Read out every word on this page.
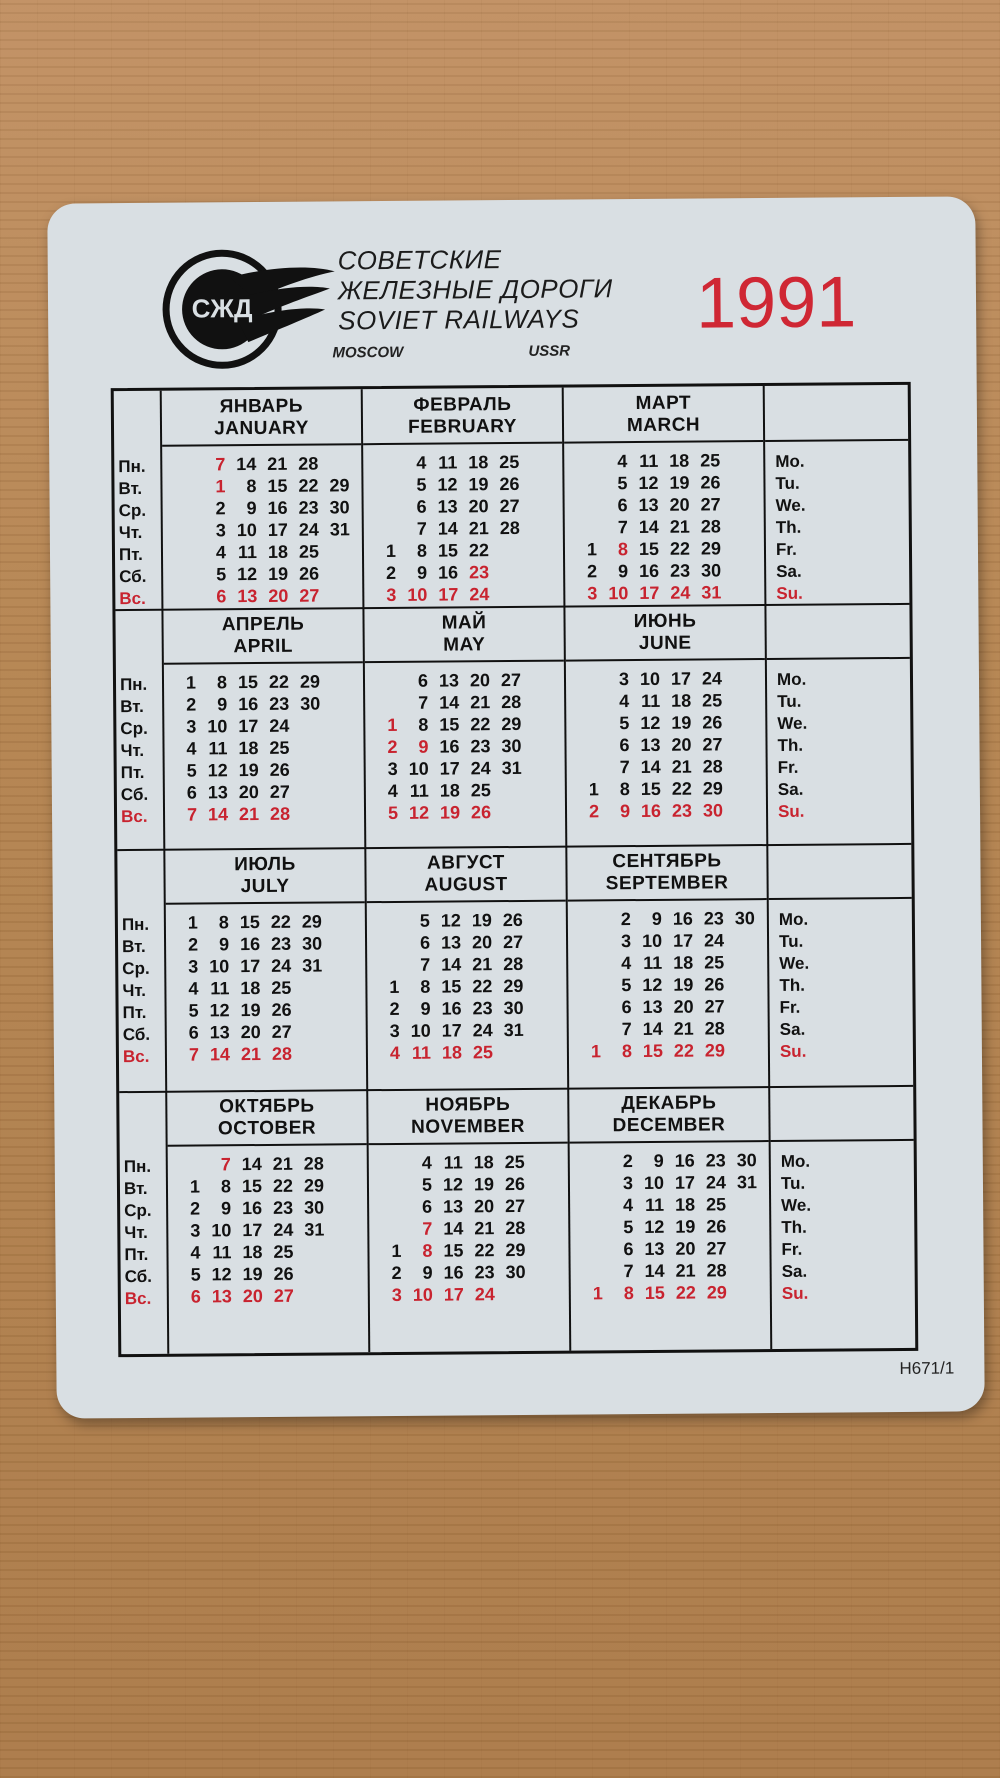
СЖД
СОВЕТСКИЕ
ЖЕЛЕЗНЫЕ ДОРОГИ
SOVIET RAILWAYS
MOSCOW	USSR
1991
Пн.
Вт.
Ср.
Чт.
Пт.
Сб.
Вс.
ЯНВАРЬ
JANUARY
7
1
2
3
4
5
6
14
8
9
10
11
12
13
21
15
16
17
18
19
20
28
22
23
24
25
26
27
29
30
31
ФЕВРАЛЬ
FEBRUARY
1
2
3
4
5
6
7
8
9
10
11
12
13
14
15
16
17
18
19
20
21
22
23
24
25
26
27
28
МАРТ
MARCH
1
2
3
4
5
6
7
8
9
10
11
12
13
14
15
16
17
18
19
20
21
22
23
24
25
26
27
28
29
30
31
Mo.
Tu.
We.
Th.
Fr.
Sa.
Su.
Пн.
Вт.
Ср.
Чт.
Пт.
Сб.
Вс.
АПРЕЛЬ
APRIL
1
2
3
4
5
6
7
8
9
10
11
12
13
14
15
16
17
18
19
20
21
22
23
24
25
26
27
28
29
30
МАЙ
MAY
1
2
3
4
5
6
7
8
9
10
11
12
13
14
15
16
17
18
19
20
21
22
23
24
25
26
27
28
29
30
31
ИЮНЬ
JUNE
1
2
3
4
5
6
7
8
9
10
11
12
13
14
15
16
17
18
19
20
21
22
23
24
25
26
27
28
29
30
Mo.
Tu.
We.
Th.
Fr.
Sa.
Su.
Пн.
Вт.
Ср.
Чт.
Пт.
Сб.
Вс.
ИЮЛЬ
JULY
1
2
3
4
5
6
7
8
9
10
11
12
13
14
15
16
17
18
19
20
21
22
23
24
25
26
27
28
29
30
31
АВГУСТ
AUGUST
1
2
3
4
5
6
7
8
9
10
11
12
13
14
15
16
17
18
19
20
21
22
23
24
25
26
27
28
29
30
31
СЕНТЯБРЬ
SEPTEMBER
1
2
3
4
5
6
7
8
9
10
11
12
13
14
15
16
17
18
19
20
21
22
23
24
25
26
27
28
29
30 Mo.
Tu.
We.
Th.
Fr.
Sa.
Su.
Пн.
Вт.
Ср.
Чт.
Пт.
Сб.
Вс.
ОКТЯБРЬ
OCTOBER
1
2
3
4
5
6
7
8
9
10
11
12
13
14
15
16
17
18
19
20
21
22
23
24
25
26
27
28
29
30
31
НОЯБРЬ
NOVEMBER
1
2
3
4
5
6
7
8
9
10
11
12
13
14
15
16
17
18
19
20
21
22
23
24
25
26
27
28
29
30
ДЕКАБРЬ
DECEMBER
1
2
3
4
5
6
7
8
9
10
11
12
13
14
15
16
17
18
19
20
21
22
23
24
25
26
27
28
29
30
31
Mo.
Tu.
We.
Th.
Fr.
Sa.
Su.
H671/1
